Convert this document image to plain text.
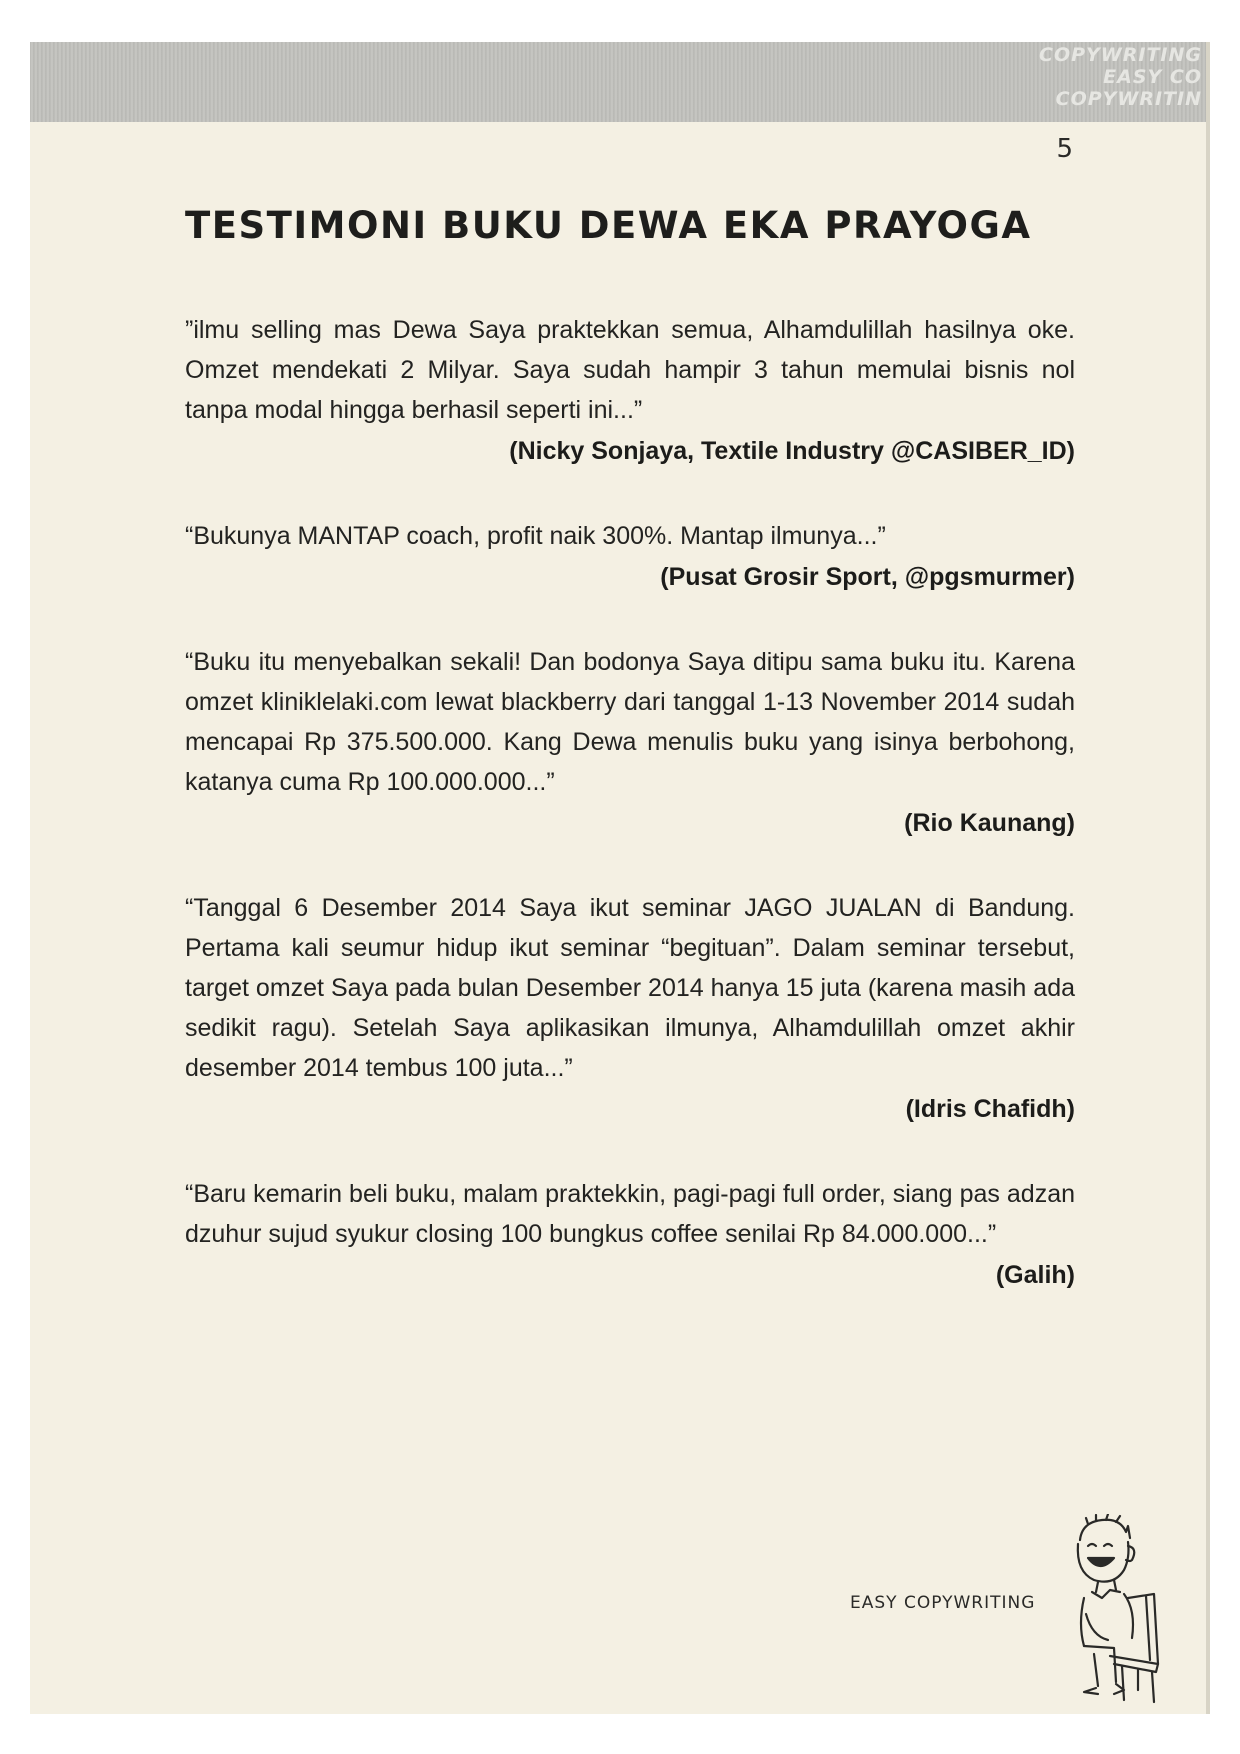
COPYWRITING
EASY CO
COPYWRITIN
5
TESTIMONI BUKU DEWA EKA PRAYOGA

”ilmu selling mas Dewa Saya praktekkan semua, Alhamdulillah hasilnya oke. Omzet mendekati 2 Milyar. Saya sudah hampir 3 tahun memulai bisnis nol tanpa modal hingga berhasil seperti ini...”

(Nicky Sonjaya, Textile Industry @CASIBER_ID)

“Bukunya MANTAP coach, profit naik 300%. Mantap ilmunya...”

(Pusat Grosir Sport, @pgsmurmer)

“Buku itu menyebalkan sekali! Dan bodonya Saya ditipu sama buku itu. Karena omzet kliniklelaki.com lewat blackberry dari tanggal 1-13 November 2014 sudah mencapai Rp 375.500.000. Kang Dewa menulis buku yang isinya berbohong, katanya cuma Rp 100.000.000...”

(Rio Kaunang)

“Tanggal 6 Desember 2014 Saya ikut seminar JAGO JUALAN di Bandung. Pertama kali seumur hidup ikut seminar “begituan”. Dalam seminar tersebut, target omzet Saya pada bulan Desember 2014 hanya 15 juta (karena masih ada sedikit ragu). Setelah Saya aplikasikan ilmunya, Alhamdulillah omzet akhir desember 2014 tembus 100 juta...”

(Idris Chafidh)

“Baru kemarin beli buku, malam praktekkin, pagi-pagi full order, siang pas adzan dzuhur sujud syukur closing 100 bungkus coffee senilai Rp 84.000.000...”

(Galih)

EASY COPYWRITING
